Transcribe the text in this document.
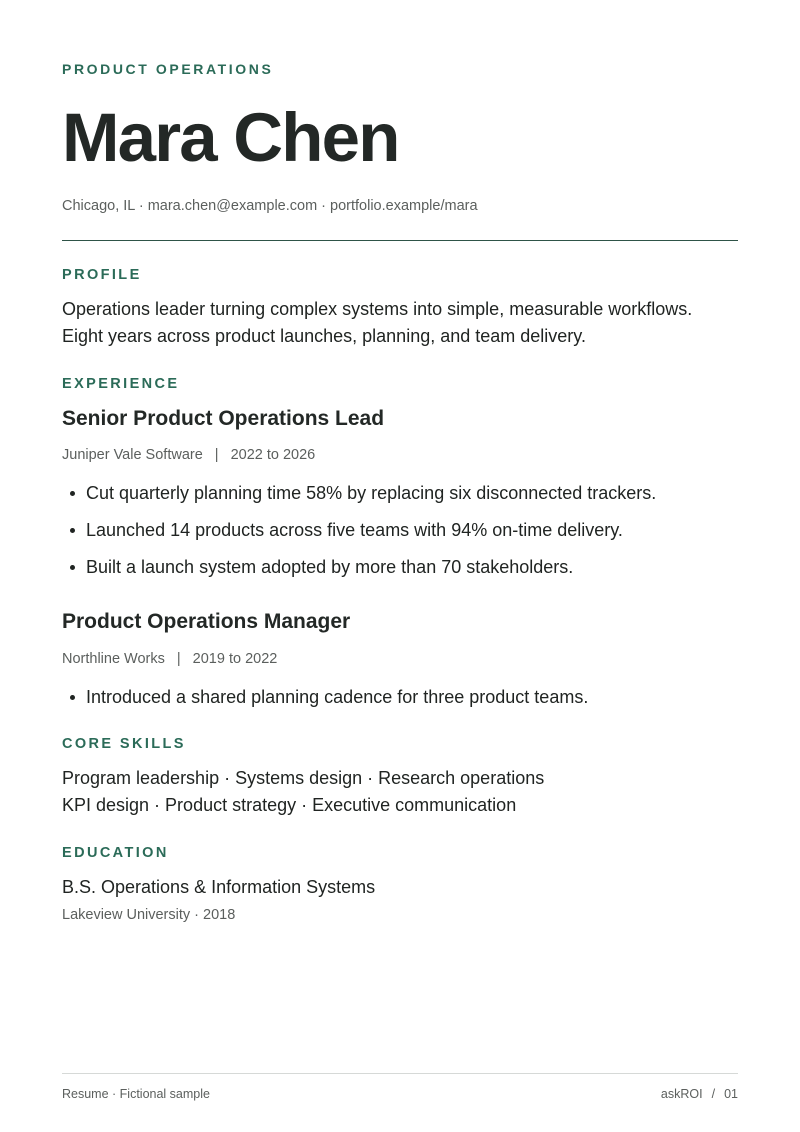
PRODUCT OPERATIONS
Mara Chen
Chicago, IL · mara.chen@example.com · portfolio.example/mara
PROFILE
Operations leader turning complex systems into simple, measurable workflows.
Eight years across product launches, planning, and team delivery.
EXPERIENCE
Senior Product Operations Lead
Juniper Vale Software | 2022 to 2026
Cut quarterly planning time 58% by replacing six disconnected trackers.
Launched 14 products across five teams with 94% on-time delivery.
Built a launch system adopted by more than 70 stakeholders.
Product Operations Manager
Northline Works | 2019 to 2022
Introduced a shared planning cadence for three product teams.
CORE SKILLS
Program leadership · Systems design · Research operations
KPI design · Product strategy · Executive communication
EDUCATION
B.S. Operations & Information Systems
Lakeview University · 2018
Resume · Fictional sample	askROI / 01
